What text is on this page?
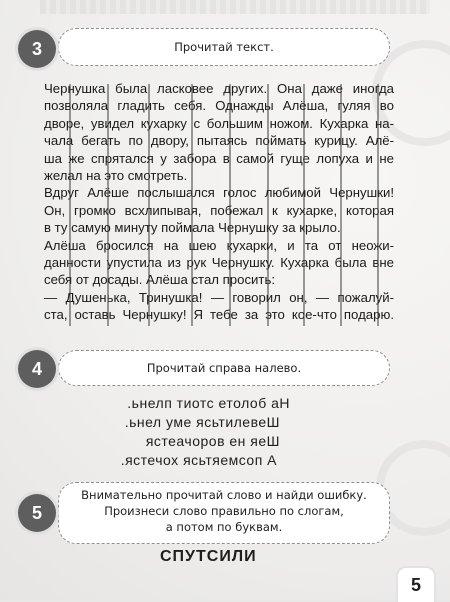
Прочитай текст.
3

Чернушка была ласковее других. Она даже иногда

позволяла гладить себя. Однажды Алёша, гуляя во

дворе, увидел кухарку с большим ножом. Кухарка на-

чала бегать по двору, пытаясь поймать курицу. Алё-

ша же спрятался у забора в самой гуще лопуха и не

желал на это смотреть.

Вдруг Алёше послышался голос любимой Чернушки!

Он, громко всхлипывая, побежал к кухарке, которая

в ту самую минуту поймала Чернушку за крыло.

Алёша бросился на шею кухарки, и та от неожи-

данности упустила из рук Чернушку. Кухарка была вне

себя от досады. Алёша стал просить:

— Душенька, Тринушка! — говорил он, — пожалуй-

ста, оставь Чернушку! Я тебе за это кое-что подарю.

Прочитай справа налево.
4
.ьнелп тиотс етолоб аН
.ьнел уме ясьтилевеШ
ястеачоров ен яеШ
.ястечох ясьтяемсоп А
Внимательно прочитай слово и найди ошибку.
Произнеси слово правильно по слогам,
а потом по буквам.
5
СПУТСИЛИ
5
